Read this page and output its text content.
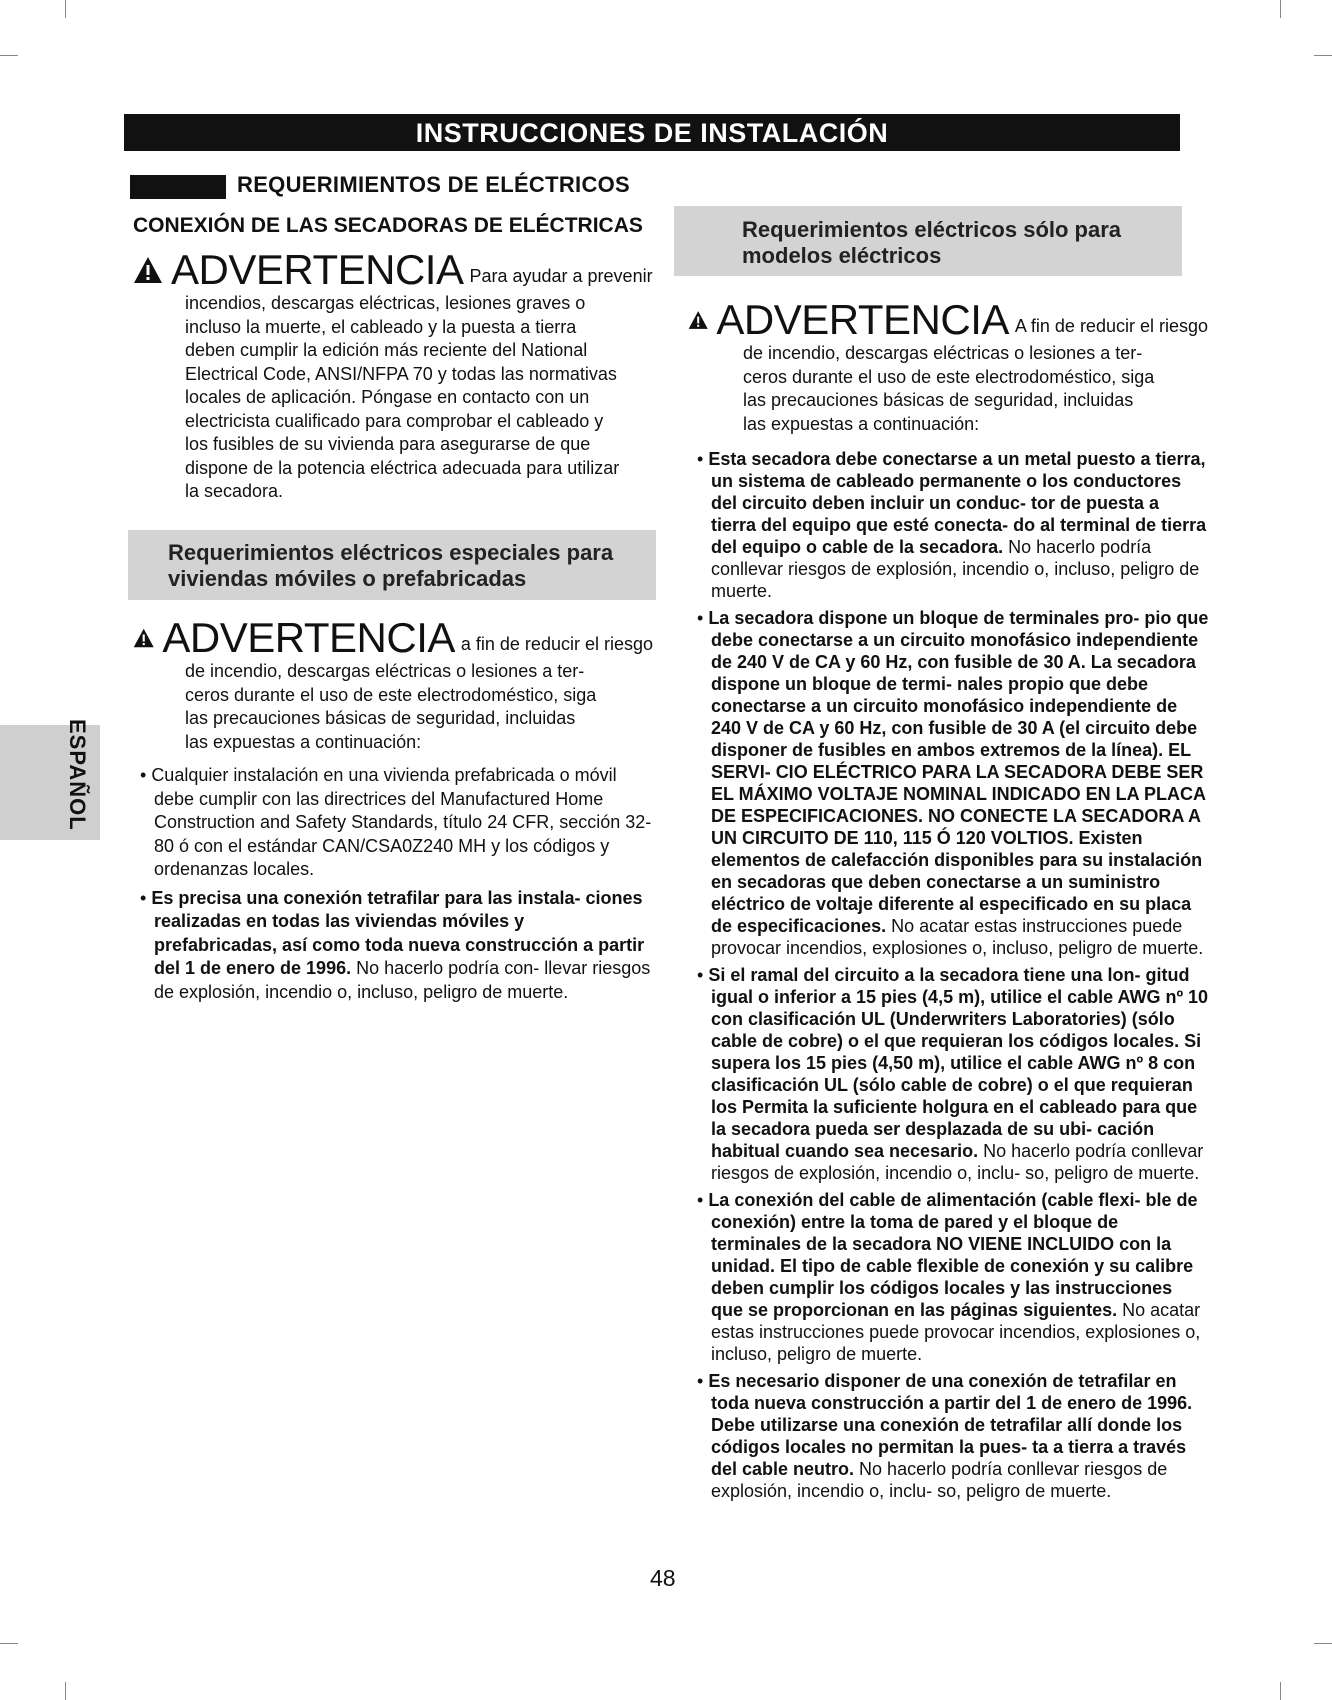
INSTRUCCIONES DE INSTALACIÓN
REQUERIMIENTOS DE ELÉCTRICOS
CONEXIÓN DE LAS SECADORAS DE ELÉCTRICAS
ADVERTENCIA Para ayudar a prevenir
incendios, descargas eléctricas, lesiones graves o
incluso la muerte, el cableado y la puesta a tierra
deben cumplir la edición más reciente del National
Electrical Code, ANSI/NFPA 70 y todas las normativas
locales de aplicación. Póngase en contacto con un
electricista cualificado para comprobar el cableado y
los fusibles de su vivienda para asegurarse de que
dispone de la potencia eléctrica adecuada para utilizar
la secadora.
Requerimientos eléctricos especiales para
viviendas móviles o prefabricadas
ADVERTENCIA a fin de reducir el riesgo
de incendio, descargas eléctricas o lesiones a ter-
ceros durante el uso de este electrodoméstico, siga
las precauciones básicas de seguridad, incluidas
las expuestas a continuación:

• Cualquier instalación en una vivienda prefabricada o móvil debe cumplir con las directrices del Manufactured Home Construction and Safety Standards, título 24 CFR, sección 32-80 ó con el estándar CAN/CSA0Z240 MH y los códigos y ordenanzas locales.

• Es precisa una conexión tetrafilar para las instala- ciones realizadas en todas las viviendas móviles y prefabricadas, así como toda nueva construcción a partir del 1 de enero de 1996. No hacerlo podría con- llevar riesgos de explosión, incendio o, incluso, peligro de muerte.

ESPAÑOL
Requerimientos eléctricos sólo para
modelos eléctricos
ADVERTENCIA A fin de reducir el riesgo
de incendio, descargas eléctricas o lesiones a ter-
ceros durante el uso de este electrodoméstico, siga
las precauciones básicas de seguridad, incluidas
las expuestas a continuación:

• Esta secadora debe conectarse a un metal puesto a tierra, un sistema de cableado permanente o los conductores del circuito deben incluir un conduc- tor de puesta a tierra del equipo que esté conecta- do al terminal de tierra del equipo o cable de la secadora. No hacerlo podría conllevar riesgos de explosión, incendio o, incluso, peligro de muerte.

• La secadora dispone un bloque de terminales pro- pio que debe conectarse a un circuito monofásico independiente de 240 V de CA y 60 Hz, con fusible de 30 A. La secadora dispone un bloque de termi- nales propio que debe conectarse a un circuito monofásico independiente de 240 V de CA y 60 Hz, con fusible de 30 A (el circuito debe disponer de fusibles en ambos extremos de la línea). EL SERVI- CIO ELÉCTRICO PARA LA SECADORA DEBE SER EL MÁXIMO VOLTAJE NOMINAL INDICADO EN LA PLACA DE ESPECIFICACIONES. NO CONECTE LA SECADORA A UN CIRCUITO DE 110, 115 Ó 120 VOLTIOS. Existen elementos de calefacción disponibles para su instalación en secadoras que deben conectarse a un suministro eléctrico de voltaje diferente al especificado en su placa de especificaciones. No acatar estas instrucciones puede provocar incendios, explosiones o, incluso, peligro de muerte.

• Si el ramal del circuito a la secadora tiene una lon- gitud igual o inferior a 15 pies (4,5 m), utilice el cable AWG nº 10 con clasificación UL (Underwriters Laboratories) (sólo cable de cobre) o el que requieran los códigos locales. Si supera los 15 pies (4,50 m), utilice el cable AWG nº 8 con clasificación UL (sólo cable de cobre) o el que requieran los Permita la suficiente holgura en el cableado para que la secadora pueda ser desplazada de su ubi- cación habitual cuando sea necesario. No hacerlo podría conllevar riesgos de explosión, incendio o, inclu- so, peligro de muerte.

• La conexión del cable de alimentación (cable flexi- ble de conexión) entre la toma de pared y el bloque de terminales de la secadora NO VIENE INCLUIDO con la unidad. El tipo de cable flexible de conexión y su calibre deben cumplir los códigos locales y las instrucciones que se proporcionan en las páginas siguientes. No acatar estas instrucciones puede provocar incendios, explosiones o, incluso, peligro de muerte.

• Es necesario disponer de una conexión de tetrafilar en toda nueva construcción a partir del 1 de enero de 1996. Debe utilizarse una conexión de tetrafilar allí donde los códigos locales no permitan la pues- ta a tierra a través del cable neutro. No hacerlo podría conllevar riesgos de explosión, incendio o, inclu- so, peligro de muerte.

48
